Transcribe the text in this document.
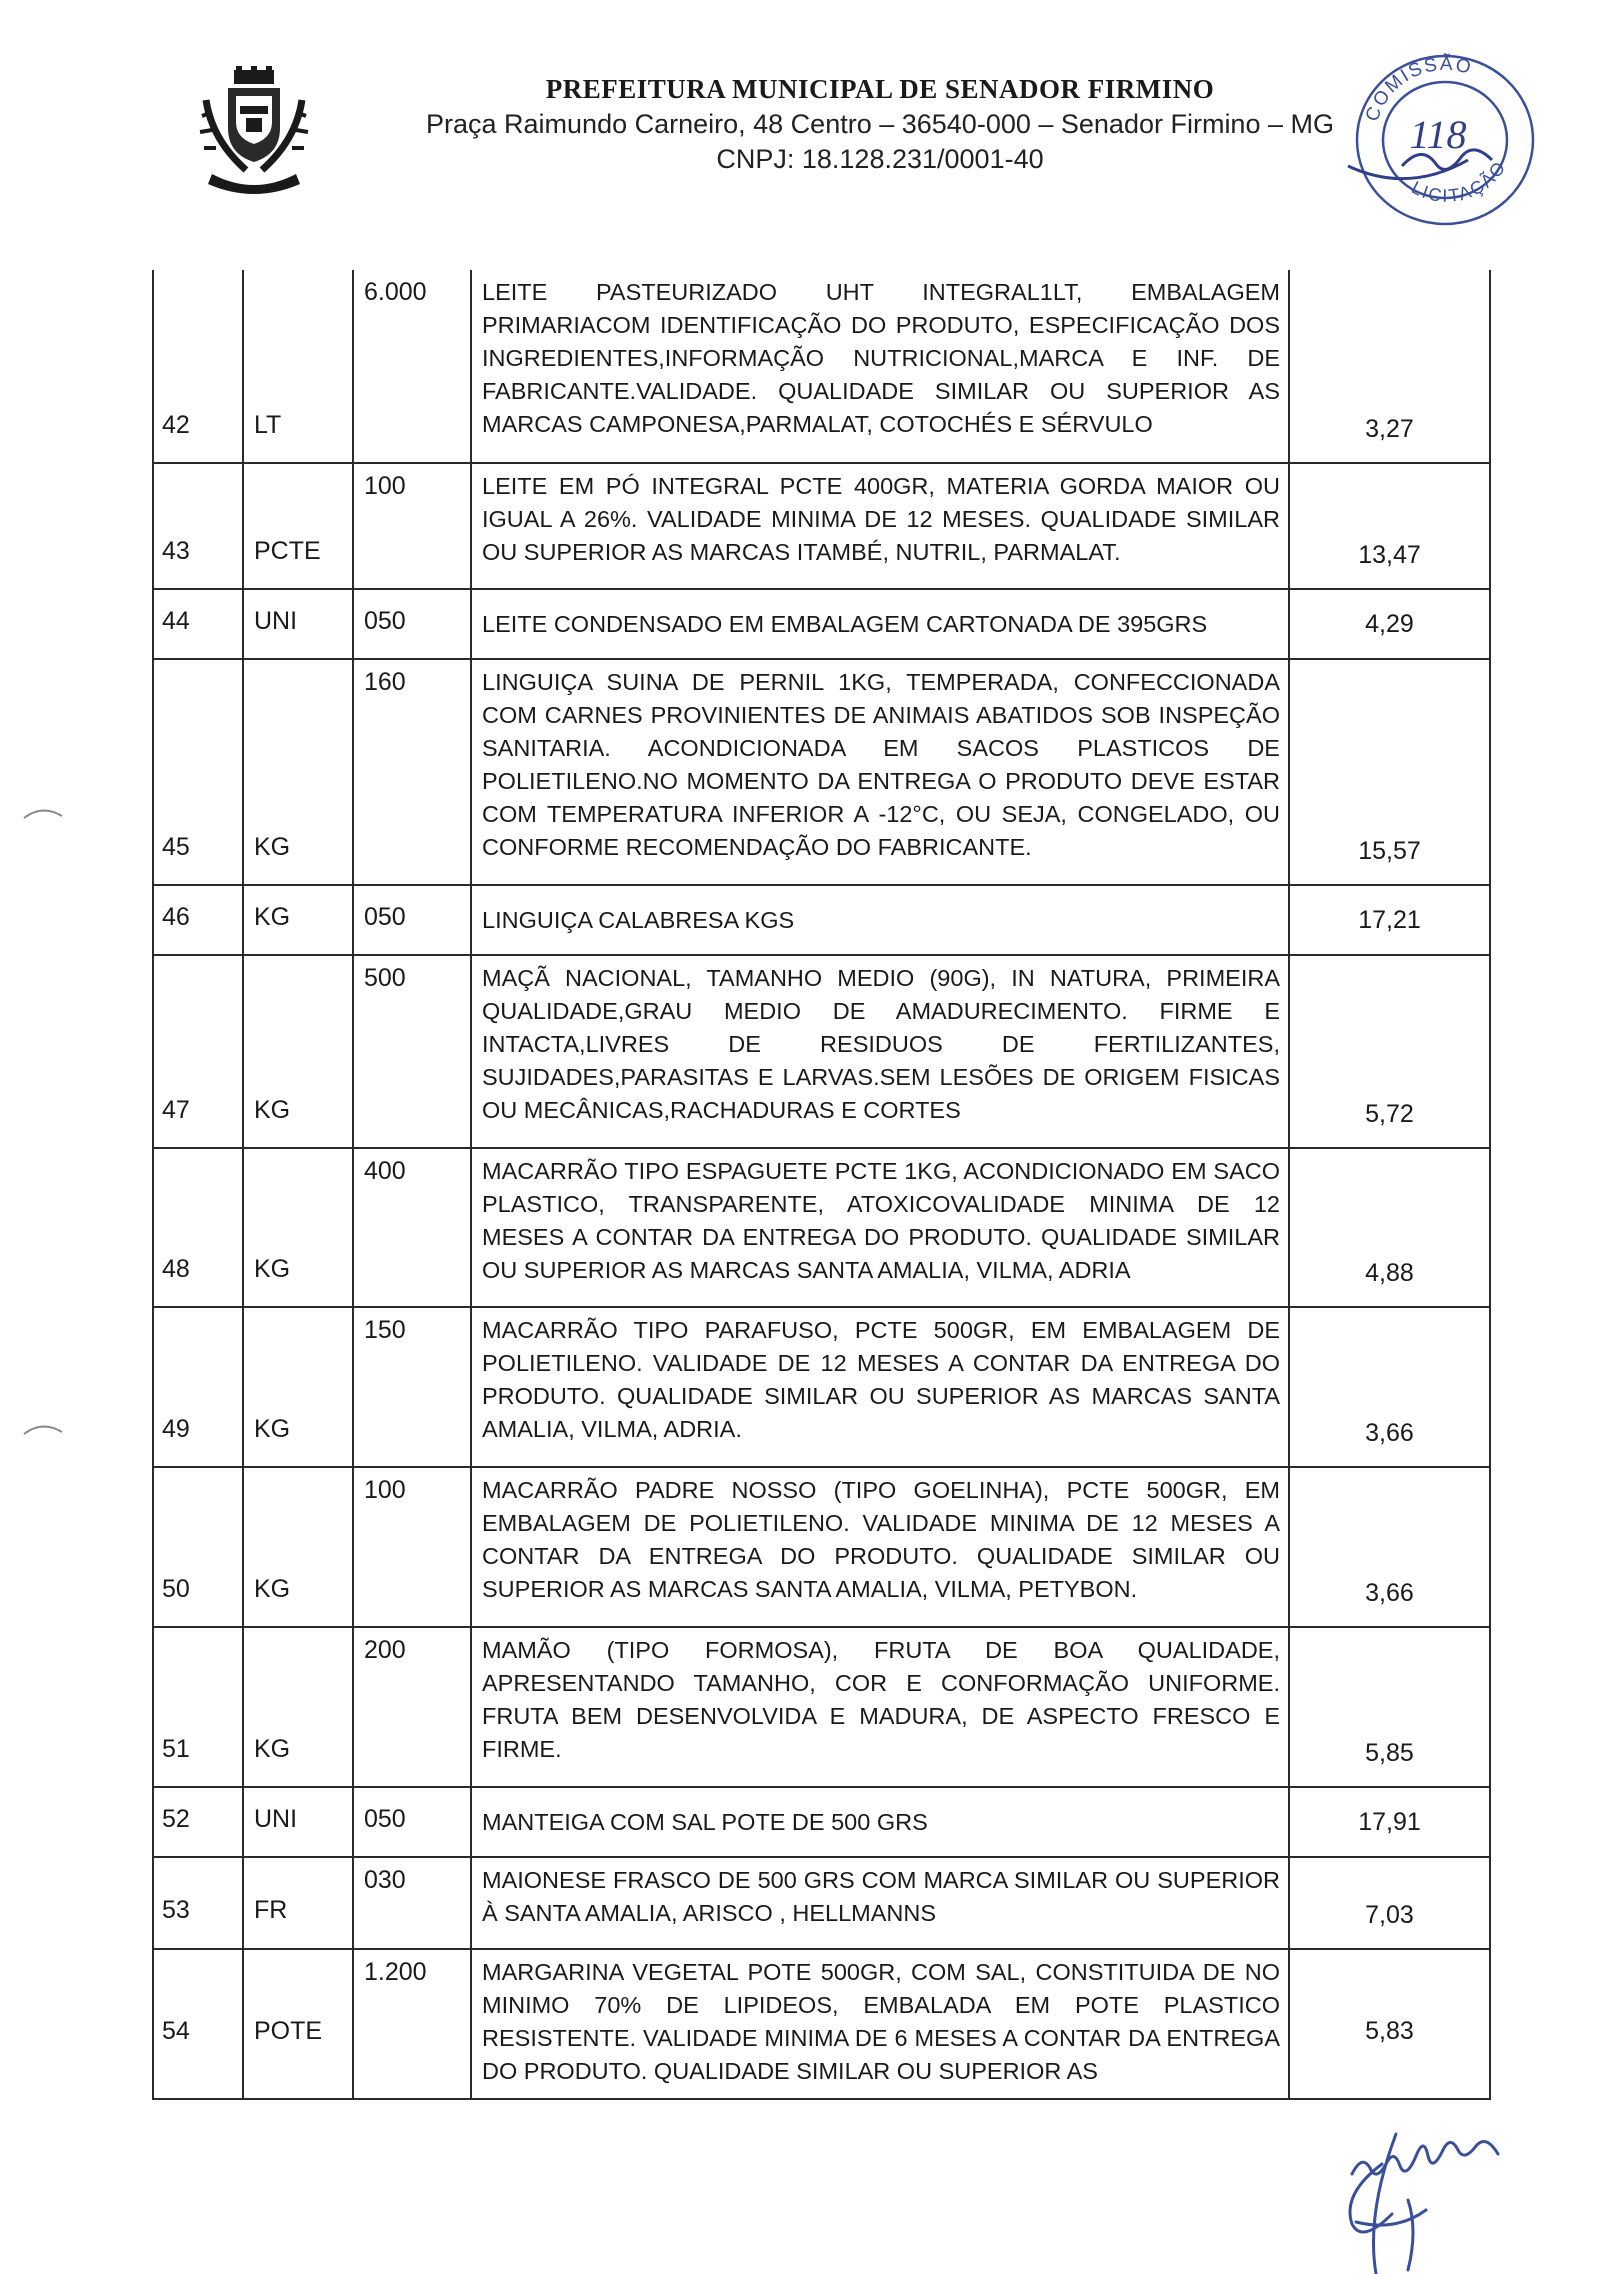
PREFEITURA MUNICIPAL DE SENADOR FIRMINO
Praça Raimundo Carneiro, 48 Centro – 36540-000 – Senador Firmino – MG
CNPJ: 18.128.231/0001-40
COMISSÃO
LICITAÇÃO
118
42	LT	6.000	LEITE PASTEURIZADO UHT INTEGRAL1LT, EMBALAGEM PRIMARIACOM IDENTIFICAÇÃO DO PRODUTO, ESPECIFICAÇÃO DOS INGREDIENTES,INFORMAÇÃO NUTRICIONAL,MARCA E INF. DE FABRICANTE.VALIDADE. QUALIDADE SIMILAR OU SUPERIOR AS MARCAS CAMPONESA,PARMALAT, COTOCHÉS E SÉRVULO	3,27
43	PCTE	100	LEITE EM PÓ INTEGRAL PCTE 400GR, MATERIA GORDA MAIOR OU IGUAL A 26%. VALIDADE MINIMA DE 12 MESES. QUALIDADE SIMILAR OU SUPERIOR AS MARCAS ITAMBÉ, NUTRIL, PARMALAT.	13,47
44	UNI	050	LEITE CONDENSADO EM EMBALAGEM CARTONADA DE 395GRS	4,29
45	KG	160	LINGUIÇA SUINA DE PERNIL 1KG, TEMPERADA, CONFECCIONADA COM CARNES PROVINIENTES DE ANIMAIS ABATIDOS SOB INSPEÇÃO SANITARIA. ACONDICIONADA EM SACOS PLASTICOS DE POLIETILENO.NO MOMENTO DA ENTREGA O PRODUTO DEVE ESTAR COM TEMPERATURA INFERIOR A -12°C, OU SEJA, CONGELADO, OU CONFORME RECOMENDAÇÃO DO FABRICANTE.	15,57
46	KG	050	LINGUIÇA CALABRESA KGS	17,21
47	KG	500	MAÇÃ NACIONAL, TAMANHO MEDIO (90G), IN NATURA, PRIMEIRA QUALIDADE,GRAU MEDIO DE AMADURECIMENTO. FIRME E INTACTA,LIVRES DE RESIDUOS DE FERTILIZANTES, SUJIDADES,PARASITAS E LARVAS.SEM LESÕES DE ORIGEM FISICAS OU MECÂNICAS,RACHADURAS E CORTES	5,72
48	KG	400	MACARRÃO TIPO ESPAGUETE PCTE 1KG, ACONDICIONADO EM SACO PLASTICO, TRANSPARENTE, ATOXICOVALIDADE MINIMA DE 12 MESES A CONTAR DA ENTREGA DO PRODUTO. QUALIDADE SIMILAR OU SUPERIOR AS MARCAS SANTA AMALIA, VILMA, ADRIA	4,88
49	KG	150	MACARRÃO TIPO PARAFUSO, PCTE 500GR, EM EMBALAGEM DE POLIETILENO. VALIDADE DE 12 MESES A CONTAR DA ENTREGA DO PRODUTO. QUALIDADE SIMILAR OU SUPERIOR AS MARCAS SANTA AMALIA, VILMA, ADRIA.	3,66
50	KG	100	MACARRÃO PADRE NOSSO (TIPO GOELINHA), PCTE 500GR, EM EMBALAGEM DE POLIETILENO. VALIDADE MINIMA DE 12 MESES A CONTAR DA ENTREGA DO PRODUTO. QUALIDADE SIMILAR OU SUPERIOR AS MARCAS SANTA AMALIA, VILMA, PETYBON.	3,66
51	KG	200	MAMÃO (TIPO FORMOSA), FRUTA DE BOA QUALIDADE, APRESENTANDO TAMANHO, COR E CONFORMAÇÃO UNIFORME. FRUTA BEM DESENVOLVIDA E MADURA, DE ASPECTO FRESCO E FIRME.	5,85
52	UNI	050	MANTEIGA COM SAL POTE DE 500 GRS	17,91
53	FR	030	MAIONESE FRASCO DE 500 GRS COM MARCA SIMILAR OU SUPERIOR À SANTA AMALIA, ARISCO , HELLMANNS	7,03
54	POTE	1.200	MARGARINA VEGETAL POTE 500GR, COM SAL, CONSTITUIDA DE NO MINIMO 70% DE LIPIDEOS, EMBALADA EM POTE PLASTICO RESISTENTE. VALIDADE MINIMA DE 6 MESES A CONTAR DA ENTREGA DO PRODUTO. QUALIDADE SIMILAR OU SUPERIOR AS	5,83
